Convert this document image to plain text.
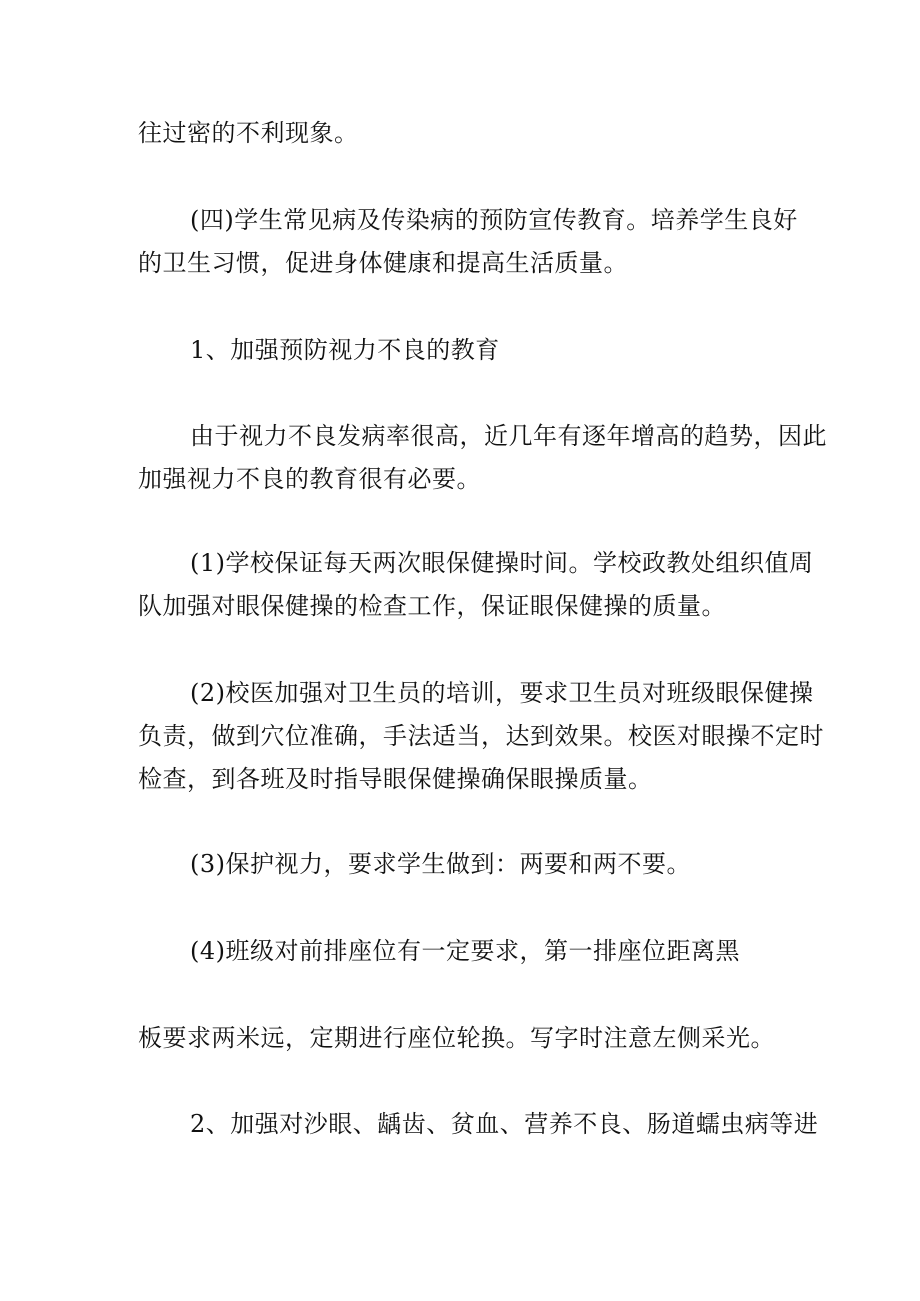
往过密的不利现象。
(四)学生常见病及传染病的预防宣传教育。培养学生良好
的卫生习惯，促进身体健康和提高生活质量。
1、加强预防视力不良的教育
由于视力不良发病率很高，近几年有逐年增高的趋势，因此
加强视力不良的教育很有必要。
(1)学校保证每天两次眼保健操时间。学校政教处组织值周
队加强对眼保健操的检查工作，保证眼保健操的质量。
(2)校医加强对卫生员的培训，要求卫生员对班级眼保健操
负责，做到穴位准确，手法适当，达到效果。校医对眼操不定时
检查，到各班及时指导眼保健操确保眼操质量。
(3)保护视力，要求学生做到：两要和两不要。
(4)班级对前排座位有一定要求，第一排座位距离黑
板要求两米远，定期进行座位轮换。写字时注意左侧采光。
2、加强对沙眼、龋齿、贫血、营养不良、肠道蠕虫病等进
